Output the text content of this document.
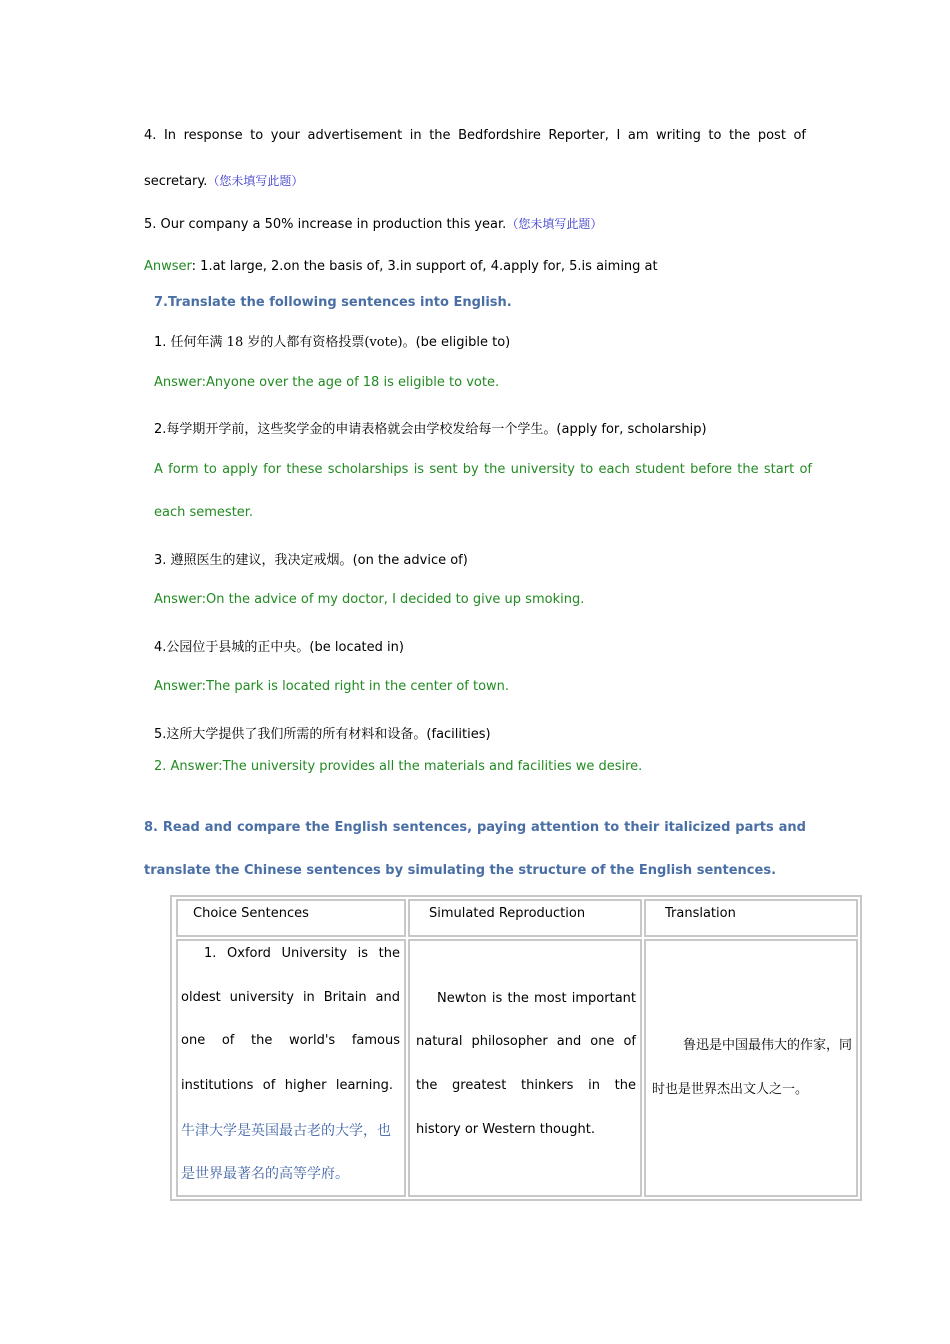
4. In response to your advertisement in the Bedfordshire Reporter, I am writing to the post of
secretary.（您未填写此题）
5. Our company a 50% increase in production this year.（您未填写此题）
Anwser: 1.at large, 2.on the basis of, 3.in support of, 4.apply for, 5.is aiming at
7.Translate the following sentences into English.
1. 任何年满 18 岁的人都有资格投票(vote)。(be eligible to)
Answer:Anyone over the age of 18 is eligible to vote.
2.每学期开学前，这些奖学金的申请表格就会由学校发给每一个学生。(apply for, scholarship)
A form to apply for these scholarships is sent by the university to each student before the start of
each semester.
3. 遵照医生的建议，我决定戒烟。(on the advice of)
Answer:On the advice of my doctor, I decided to give up smoking.
4.公园位于县城的正中央。(be located in)
Answer:The park is located right in the center of town.
5.这所大学提供了我们所需的所有材料和设备。(facilities)
2. Answer:The university provides all the materials and facilities we desire.
8. Read and compare the English sentences, paying attention to their italicized parts and
translate the Chinese sentences by simulating the structure of the English sentences.
Choice Sentences	Simulated Reproduction	Translation
1. Oxford University is the
oldest university in Britain and
one of the world's famous
institutions of higher learning.
牛津大学是英国最古老的大学，也
是世界最著名的高等学府。
Newton is the most important
natural philosopher and one of
the greatest thinkers in the
history or Western thought.
鲁迅是中国最伟大的作家，同
时也是世界杰出文人之一。
